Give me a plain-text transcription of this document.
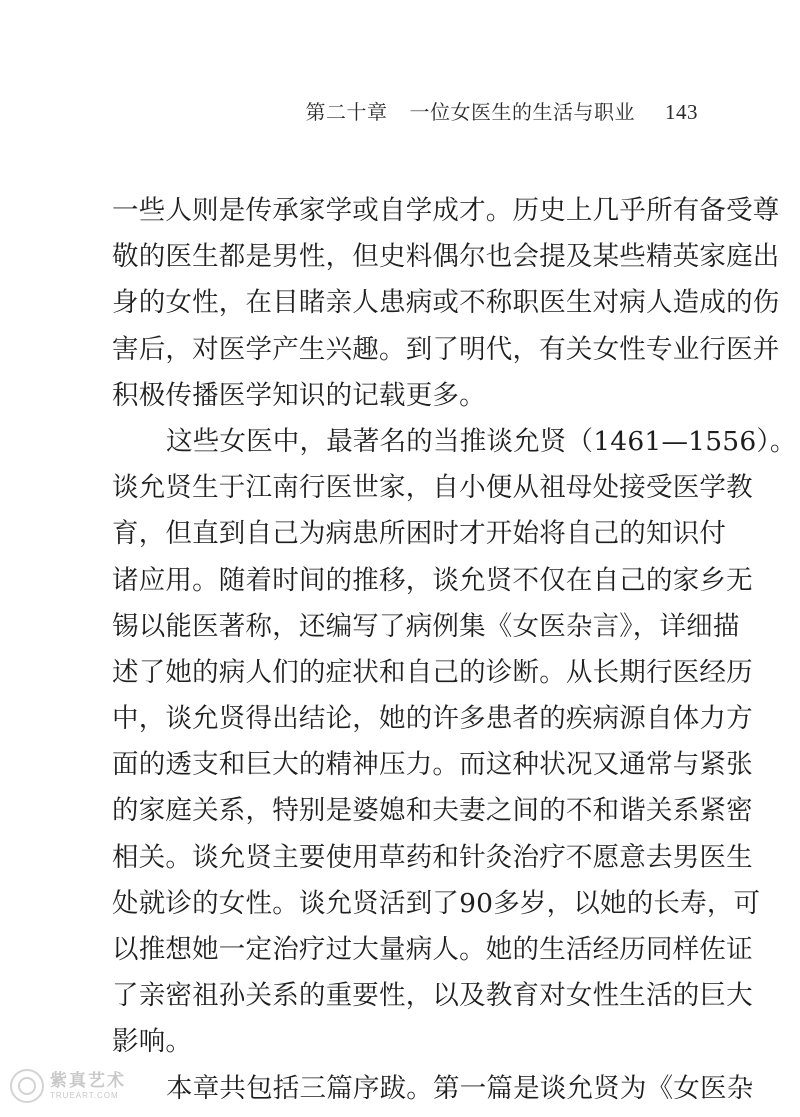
第二十章 一位女医生的生活与职业 143
一些人则是传承家学或自学成才。历史上几乎所有备受尊
敬的医生都是男性，但史料偶尔也会提及某些精英家庭出
身的女性，在目睹亲人患病或不称职医生对病人造成的伤
害后，对医学产生兴趣。到了明代，有关女性专业行医并
积极传播医学知识的记载更多。
这些女医中，最著名的当推谈允贤（1461—1556）。
谈允贤生于江南行医世家，自小便从祖母处接受医学教
育，但直到自己为病患所困时才开始将自己的知识付
诸应用。随着时间的推移，谈允贤不仅在自己的家乡无
锡以能医著称，还编写了病例集《女医杂言》，详细描
述了她的病人们的症状和自己的诊断。从长期行医经历
中，谈允贤得出结论，她的许多患者的疾病源自体力方
面的透支和巨大的精神压力。而这种状况又通常与紧张
的家庭关系，特别是婆媳和夫妻之间的不和谐关系紧密
相关。谈允贤主要使用草药和针灸治疗不愿意去男医生
处就诊的女性。谈允贤活到了90多岁，以她的长寿，可
以推想她一定治疗过大量病人。她的生活经历同样佐证
了亲密祖孙关系的重要性，以及教育对女性生活的巨大
影响。
本章共包括三篇序跋。第一篇是谈允贤为《女医杂
紫真艺术
TRUEART.COM
